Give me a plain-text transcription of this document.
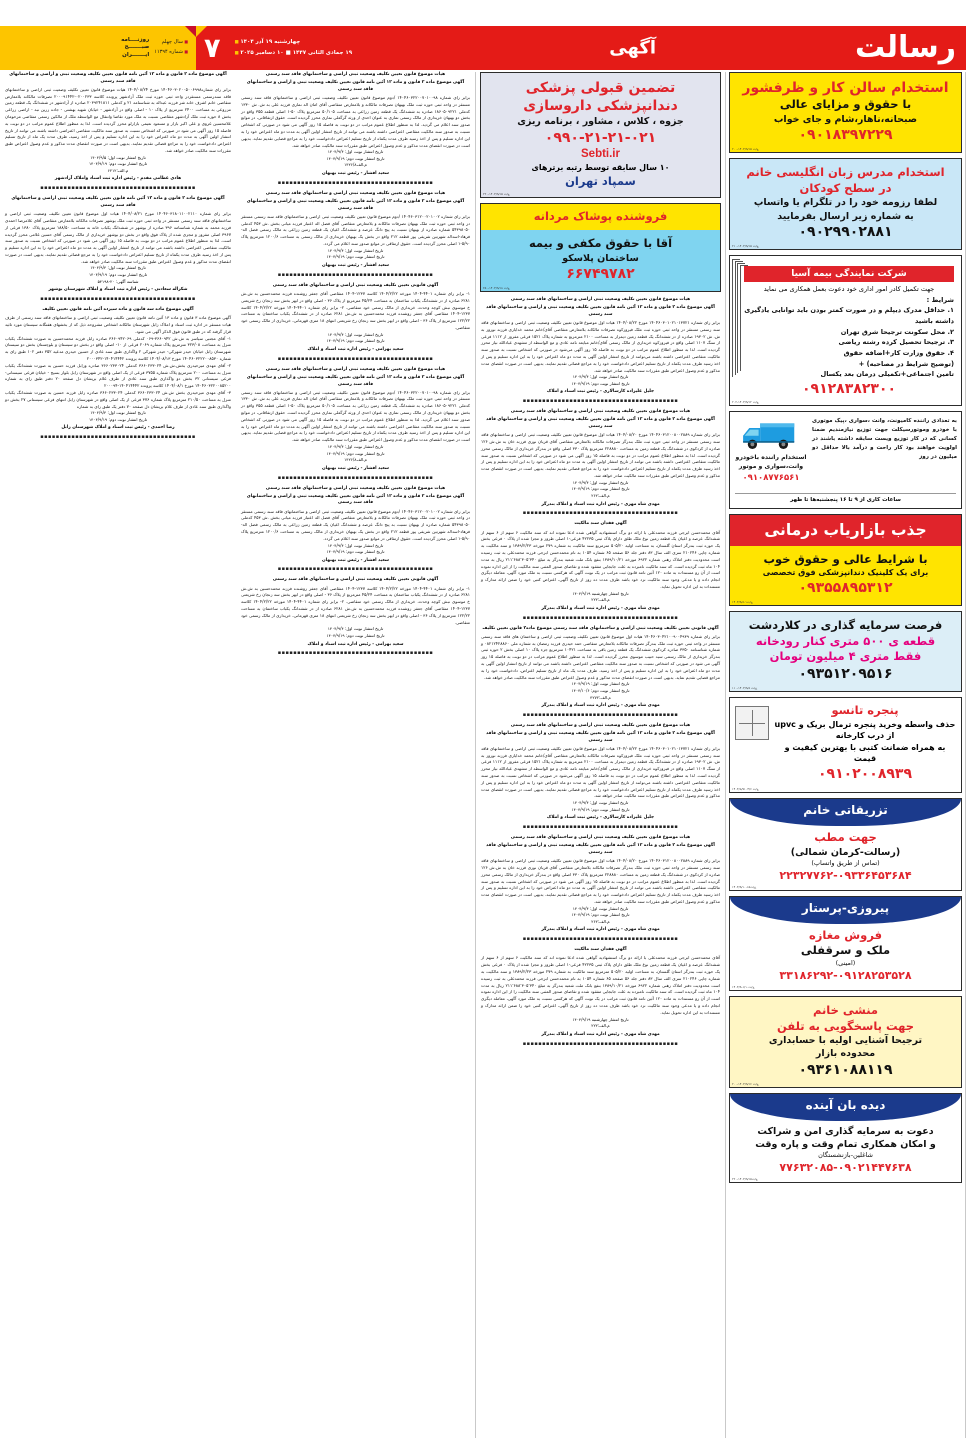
روزنــــامه
صبـــــــح
ایـــــــران
■ سال چهلم
■ شماره ۱۱۳۹۴	رسالت
آگهی
۷	چهارشنبه ۱۹ آذر ۱۴۰۴ ■
۱۹ جمادی الثانی ۱۴۴۷ ■ ۱۰ دسامبر ۲۰۲۵ ■
آگهی موضوع ماده ۳ قانون و ماده ۱۳ آئین نامه قانون تعیین تکلیف وضعیت ثبتی و اراضی و ساختمانهای فاقد سند رسمی
برابر رای شماره۱۴۰۴۶۰۳۰۲۰۰۵۰۰۶۹۹۸ مورخ ۱۴۰۴/۰۸/۲۴ هیات موضوع قانون تعیین تکلیف وضعیت ثبتی اراضی و ساختمانهای فاقد سندرسمی مستقردر واحد ثبتی حوزه ثبت ملک آزادشهر پرونده کلاسه ۰۲۰۰۲۳۳-۲۰۰۰۹۱۴۴۲ تصرفات مالکانه بلامعارض متقاضی خانم اشرف خانه شر فرزند عبداله به شناسنامه ۲۱ و کدملی ۲۰۳۹۲۴۱۸۱۱ صادره از آزادشهر در ششدانگ یک قطعه زمین مزروعی به مساحت ۲۴۰۰ مترمربع از پلاک ۱۰ - اصلی واقع در آزادشهر - خیابان شهید بهشتی - جاده زرین نبه - اراضی زراعی بخش ۸ حوزه ثبت ملک آزادشهر متقاضی نسبت به ملک مورد تقاضا وانتقال مع الواسطه ملک از مالکین رسمی متقاضی مرحومان غلامحسین غروی و علی اکبر بازار و مسعود نعیمی بازارلو محرز گردیده است. لذا به منظور اطلاع عموم مراتب در دو نوبت به فاصله ۱۵ روز آگهی می شود در صورتی که اشخاص نسبت به صدور سند مالکیت متقاضی اعتراضی داشته باشند می توانند از تاریخ انتشار اولین آگهی به مدت دو ماه اعتراض خود را به این اداره تسلیم و پس از اخذ رسید، ظرف مدت یک ماه از تاریخ تسلیم اعتراض دادخواست خود را به مراجع قضائی تقدیم نمایند. بدیهی است در صورت انقضای مدت مذکور و عدم وصول اعتراض طبق مقررات سند مالکیت صادر خواهد شد.
تاریخ انتشار نوبت اول: ۱۴۰۴/۹/۵
تاریخ انتشار نوبت دوم: ۱۴۰۴/۹/۱۹
م.الف:۶۲۱۲
هادی عظامی مقدم - رئیس اداره ثبت اسناد واملاک آزادشهر
▪▪▪▪▪▪▪▪▪▪▪▪▪▪▪▪▪▪▪▪▪▪▪▪▪▪▪▪▪▪▪▪▪▪▪▪▪▪▪▪
آگهی موضوع ماده ۳ قانون و ماده ۱۳ آئین نامه قانون تعیین تکلیف وضعیت ثبتی اراضی و ساختمانهای فاقد سند رسمی
برابر رای شماره ۱۴۰۴۶۰۳۱۸۰۱۱۰۰۲۱۱۰ مورخ ۱۴۰۴/۰۸/۲۱ هیات اول موضوع قانون تعیین تکلیف وضعیت ثبتی اراضی و ساختمانهای فاقد سند رسمی مستقر در واحد ثبتی حوزه ثبت ملک بوشهر تصرفات مالکانه بلامعارض متقاضی آقای غلامرضا احمدی فرزند محمد به شماره شناسنامه ۳۹۶ صادره از بوشهر در ششدانگ یکباب خانه به مساحت ۱۸۸/۵۰ مترمربع پلاک ۱۳۸۰ فرعی از ۳۹۶۷ اصلی مفروز و مجزی شده از پلاک فوق واقع در بخش دو بوشهر خریداری از مالک رسمی آقای حسین غلامی محرز گردیده است. لذا به منظور اطلاع عموم مراتب در دو نوبت به فاصله ۱۵ روز آگهی می شود در صورتی که اشخاص نسبت به صدور سند مالکیت متقاضی اعتراضی داشته باشند می توانند از تاریخ انتشار اولین آگهی به مدت دو ماه اعتراض خود را به این اداره تسلیم و پس از اخذ رسید ظرف مدت یکماه از تاریخ تسلیم اعتراض دادخواست خود را به مرجع قضائی تقدیم نمایند. بدیهی است در صورت انقضای مدت مذکور و عدم وصول اعتراض طبق مقررات سند مالکیت صادر خواهد شد.
تاریخ انتشار نوبت اول: ۱۴۰۴/۹/۴
تاریخ انتشار نوبت دوم: ۱۴۰۴/۹/۱۹
شناسه آگهی: ۲۰-۵۴۱۹۸
شکراله سعادتی - رئیس اداره ثبت اسناد و املاک شهرستان بوشهر
▪▪▪▪▪▪▪▪▪▪▪▪▪▪▪▪▪▪▪▪▪▪▪▪▪▪▪▪▪▪▪▪▪▪▪▪▪▪▪▪
آگهی موضوع ماده سه قانون و ماده سیزده آئین نامه قانون تعیین تکلیف
آگهی موضوع ماده ۳ قانون و ماده ۱۳ آئین نامه قانون تعیین تکلیف وضعیت ثبتی اراضی و ساختمانهای فاقد سند رسمی از طرف هیات مستقر در اداره ثبت اسناد و املاک زابل شهرستان مالکانه اشخاص مشروحه ذیل که از بخشهای هفتگانه سیستان مورد تائید قرار گرفته که در طبق قانون فوق الذکر آگهی می شود.
۱- آقای مجتبی سیاسر به ش.ش ۳۶۶۰۹۴۲-۰۶۹ کدملی ۳۶۶۰۹۴۲۰۶۹ صادره زابل فرزند محمدحسین به صورت ششدانگ یکباب منزل به مساحت ۳۲۳/۰۸ مترمربع پلاک شماره ۲۰۶۹ فرعی از ۱۰- اصلی واقع در بخش دو سیستان و بلوچستان بخش دو سیستان شهرستان زابل خیابان حیدر شهرکی- حیدر شهرکی ۲ واگذاری طبق سند عادی از حسین حیدری مدعیه ۳۵۲ دفتر ۱۰۲ طبق رای به شماره ۱۴۰۴۶۰۳۲۲۲۰۰۸۵۳۰ مورخ ۱۴۰۴/۰۸/۱۳ کلاسه پرونده ۱۴۰۴۱۴۴۴۲-۲۰۰۰۳۴۲
۲- آقای مهدی میرحیدری بخش.ش.ش ۳۶۶۰۲۳۳۰۲۴ کدملی ۳۶۶۰۲۳۳۰۲۴ صادره وزابل فرزند حسین به صورت ششدانگ یکباب منزل به مساحت ۲۰۰ مترمربع پلاک شماره ۳۷۵۵ فرعی از یک اصلی واقع در شهرستان زابل بلوار بسیج - خیابان فرعی سیستانی- فرعی سیستانی ۳۲ بخش دو واگذاری طبق سند عادی از طرف غلام بریشان دل صفحه ۲۰ دفتر طبق رای به شماره ۱۴۰۴۶۰۳۲۲۰۰۸۵۲۰۰ مورخ ۱۴۰۴/۰۸/۱ کلاسه پرونده ۱۴۰۴۱۴۴۴۲-۲۰۰۰۹۴
۳- آقای مهدی میرحیدری بخش ش.ش ۳۶۶۰۲۳۳۰۲۴ کدملی ۳۶۶۰۲۳۳۰۲۴ صادره زابل فرزند حسین به صورت ششدانگ یکباب منزل به مساحت ۲۱۰/۵۰ مترمربع پلاک شماره ۳۷۶ فرعی از یک اصلی واقع در شهرستان زابل انتهای فرعی سیستانی ۲۷ بخش دو واگذاری طبق سند عادی از طرف غلام بریشان دل صفحه ۷۰ دفتر یک طبق رای به شماره
تاریخ انتشار نوبت اول: ۱۴۰۴/۹/۴
تاریخ انتشار نوبت دوم: ۱۴۰۴/۹/۱۹
رضا احمدی - رئیس ثبت اسناد و املاک شهرستان زابل
▪▪▪▪▪▪▪▪▪▪▪▪▪▪▪▪▪▪▪▪▪▪▪▪▪▪▪▪▪▪▪▪▪▪▪▪▪▪▪▪
هیات موضوع قانون تعیین تکلیف وضعیت ثبتی اراضی و ساختمانهای فاقد سند رسمی
آگهی موضوع ماده ۳ قانون و ماده ۱۳ آئین نامه قانون تعیین تکلیف وضعیت ثبتی و اراضی و ساختمانهای فاقد سند رسمی
برابر رای شماره ۱۴۰۴۶۰۳۲۲۰۰۷۰۱۰۰۹۸ /دوم موضوع قانون تعیین تکلیف وضعیت ثبتی اراضی و ساختمانهای فاقد سند رسمی مستقر در واحد ثبتی حوزه ثبت ملک بهبهان تصرفات مالکانه و بلامعارض متقاضی آقای امان اله نماری فرزند علی به ش. ش ۱۳۳۰ کدملی ۱۸۶۰۵۰۹۲۲۱ صادره به ششدانگ یک قطعه زمین زراعی به مساحت ۵۰/۱۰۵ مترمربع پلاک ۵۰-۱ اصلی قطعه ۳۵۵ واقع در بخش دو بهبهان خریداری از مالک رسمی نماری به عنوان احدی از ورثه گرگعلی نماری محرز گردیده است. حقوق ارتفاقاتی، در موانع صدور سند اعلام می گردید. لذا به منظور اطلاع عموم مراتب در دو نوبت به فاصله ۱۵ روز آگهی می شود در صورتی که اشخاص نسبت به صدور سند مالکیت متقاضی اعتراضی داشته باشند می توانند از تاریخ انتشار اولین آگهی به مدت دو ماه اعتراض خود را به این اداره تسلیم و پس از اخذ رسید ظرف مدت یکماه از تاریخ تسلیم اعتراض دادخواست خود را به مراجع قضایی تقدیم نماید. بدیهی است در صورت انقضای مدت مذکور و عدم وصول اعتراض طبق مقررات سند مالکیت صادر خواهد شد.
تاریخ انتشار نوبت اول: ۱۴۰۴/۹/۴
تاریخ انتشار نوبت دوم: ۱۴۰۴/۹/۱۹
م.الف۱۴۲۶/۸
سعید افشار - رئیس ثبت بهبهان
▪▪▪▪▪▪▪▪▪▪▪▪▪▪▪▪▪▪▪▪▪▪▪▪▪▪▪▪▪▪▪▪▪▪▪▪▪▪▪▪
هیات موضوع قانون تعیین تکلیف وضعیت ثبتی اراضی و ساختمانهای فاقد سند رسمی
آگهی موضوع ماده ۳ قانون و ماده ۱۳ آئین نامه قانون تعیین تکلیف وضعیت ثبتی و اراضی و ساختمانهای فاقد سند رسمی
برابر رای شماره ۱۴۰۴۶۰۳۱۲۰۰۲۰۱۰۰۲ /دوم موضوع قانون تعیین تکلیف وضعیت ثبتی اراضی و ساختمانهای فاقد سند رسمی مستقر در واحد ثبتی حوزه ثبت ملک بهبهان تصرفات مالکانه و بلامعارض متقاضی آقای فضل اله اعتبار فرزند میانی بخش .ش ۴۵۳ کدملی ۵۴۳۹۸۰۵۰ شماره صادره از بهبهان نسبت به پنج دانگ عرصه و ششدانگ اعیان یک قطعه زمین زراعی به مالک رسمی فضل اله- فرهاد-اسداله شهرتین شریفی پور قطعه ۲۱۲ واقع در بخش یک بهبهان خریداری از مالک رسمی به مساحت ۱۲۰۰/۶ مترمربع پلاک ۵/۹۰-۱ اصلی محرز گردیده است. حقوق ارتفاقی در موانع صدور سند اعلام می گردد.
تاریخ انتشار نوبت اول: ۱۴۰۴/۹/۴
تاریخ انتشار نوبت دوم: ۱۴۰۴/۹/۱۹
سعید افشار - رئیس ثبت بهبهان
▪▪▪▪▪▪▪▪▪▪▪▪▪▪▪▪▪▪▪▪▪▪▪▪▪▪▪▪▪▪▪▪▪▪▪▪▪▪▪▪
آگهی قانونی تعیین تکلیف وضعیت ثبتی اراضی و ساختمانهای فاقد سند رسمی
۱- برابر رای شماره ۴۴۰۱-۱۴۰۴ مورخه ۱۴۰۴/۲/۲۲ کلاسه ۱۲۳۷-۱۴۰۴ متقاضی آقای جعفر روشنده فرزند محمدحسین به ش.ش ۶۲۸۱ صادره از در ششدانگ یکباب ساختمان به مساحت ۴۵/۲۴ مترمربع از پلاک ۳۶ - اصلی واقع در ابهر بخش سه زنجان رخ شریعتی خ موسوی نبش کوچه وحدت، خریداری از مالک رسمی خود متقاضی. ۲- برابر رای شماره ۴۴۰۱-۱۴۰۴ مورخه ۱۴۰۴/۲/۲۲ کلاسه ۱۲۳۷-۱۴۰۴ متقاضی آقای جعفر روشنده فرزند محمدحسین به ش.ش ۶۲۸۱ صادره از در ششدانگ یکباب ساختمان به مساحت ۱۲۲/۲۲ مترمربع از پلاک ۳۶ - اصلی واقع در ابهر بخش سه زنجان رخ شریعتی انتهای ۱۸ متری قهرمانی، خریداری از مالک رسمی خود متقاضی.
تاریخ انتشار نوبت اول: ۱۴۰۴/۹/۴
تاریخ انتشار نوبت دوم: ۱۴۰۴/۹/۱۹
سعید بهرامی - رئیس اداره ثبت اسناد و املاک
▪▪▪▪▪▪▪▪▪▪▪▪▪▪▪▪▪▪▪▪▪▪▪▪▪▪▪▪▪▪▪▪▪▪▪▪▪▪▪▪
هیات موضوع قانون تعیین تکلیف وضعیت ثبتی اراضی و ساختمانهای فاقد سند رسمی
آگهی موضوع ماده ۳ قانون و ماده ۱۳ آئین نامه قانون تعیین تکلیف وضعیت ثبتی و اراضی و ساختمانهای فاقد سند رسمی
برابر رای شماره ۱۴۰۴۶۰۳۲۲۰۰۷۰۱۰۰۹۸ /دوم موضوع قانون تعیین تکلیف وضعیت ثبتی اراضی و ساختمانهای فاقد سند رسمی مستقر در واحد ثبتی حوزه ثبت ملک بهبهان تصرفات مالکانه و بلامعارض متقاضی آقای امان اله نماری فرزند علی به ش. ش ۱۳۳۰ کدملی ۱۸۶۰۵۰۹۲۲۱ صادره به ششدانگ یک قطعه زمین زراعی به مساحت ۵۰/۱۰۵ مترمربع پلاک ۵۰-۱ اصلی قطعه ۳۵۵ واقع در بخش دو بهبهان خریداری از مالک رسمی نماری به عنوان احدی از ورثه گرگعلی نماری محرز گردیده است. حقوق ارتفاقاتی، در موانع صدور سند اعلام می گردید. لذا به منظور اطلاع عموم مراتب در دو نوبت به فاصله ۱۵ روز آگهی می شود در صورتی که اشخاص نسبت به صدور سند مالکیت متقاضی اعتراضی داشته باشند می توانند از تاریخ انتشار اولین آگهی به مدت دو ماه اعتراض خود را به این اداره تسلیم و پس از اخذ رسید ظرف مدت یکماه از تاریخ تسلیم اعتراض دادخواست خود را به مراجع قضایی تقدیم نماید. بدیهی است در صورت انقضای مدت مذکور و عدم وصول اعتراض طبق مقررات سند مالکیت صادر خواهد شد.
تاریخ انتشار نوبت اول: ۱۴۰۴/۹/۴
تاریخ انتشار نوبت دوم: ۱۴۰۴/۹/۱۹
م.الف۱۴۲۶/۸
سعید افشار - رئیس ثبت بهبهان
▪▪▪▪▪▪▪▪▪▪▪▪▪▪▪▪▪▪▪▪▪▪▪▪▪▪▪▪▪▪▪▪▪▪▪▪▪▪▪▪
هیات موضوع قانون تعیین تکلیف وضعیت ثبتی اراضی و ساختمانهای فاقد سند رسمی
آگهی موضوع ماده ۳ قانون و ماده ۱۳ آئین نامه قانون تعیین تکلیف وضعیت ثبتی و اراضی و ساختمانهای فاقد سند رسمی
برابر رای شماره ۱۴۰۴۶۰۳۱۲۰۰۲۰۱۰۰۲ /دوم موضوع قانون تعیین تکلیف وضعیت ثبتی اراضی و ساختمانهای فاقد سند رسمی مستقر در واحد ثبتی حوزه ثبت ملک بهبهان تصرفات مالکانه و بلامعارض متقاضی آقای فضل اله اعتبار فرزند میانی بخش .ش ۴۵۳ کدملی ۵۴۳۹۸۰۵۰ شماره صادره از بهبهان نسبت به پنج دانگ عرصه و ششدانگ اعیان یک قطعه زمین زراعی به مالک رسمی فضل اله- فرهاد-اسداله شهرتین شریفی پور قطعه ۲۱۲ واقع در بخش یک بهبهان خریداری از مالک رسمی به مساحت ۱۲۰۰/۶ مترمربع پلاک ۵/۹۰-۱ اصلی محرز گردیده است. حقوق ارتفاقی در موانع صدور سند اعلام می گردد.
تاریخ انتشار نوبت اول: ۱۴۰۴/۹/۴
تاریخ انتشار نوبت دوم: ۱۴۰۴/۹/۱۹
سعید افشار - رئیس ثبت بهبهان
▪▪▪▪▪▪▪▪▪▪▪▪▪▪▪▪▪▪▪▪▪▪▪▪▪▪▪▪▪▪▪▪▪▪▪▪▪▪▪▪
آگهی قانونی تعیین تکلیف وضعیت ثبتی اراضی و ساختمانهای فاقد سند رسمی
۱- برابر رای شماره ۴۴۰۱-۱۴۰۴ مورخه ۱۴۰۴/۲/۲۲ کلاسه ۱۲۳۷-۱۴۰۴ متقاضی آقای جعفر روشنده فرزند محمدحسین به ش.ش ۶۲۸۱ صادره از در ششدانگ یکباب ساختمان به مساحت ۴۵/۲۴ مترمربع از پلاک ۳۶ - اصلی واقع در ابهر بخش سه زنجان رخ شریعتی خ موسوی نبش کوچه وحدت، خریداری از مالک رسمی خود متقاضی. ۲- برابر رای شماره ۴۴۰۱-۱۴۰۴ مورخه ۱۴۰۴/۲/۲۲ کلاسه ۱۲۳۷-۱۴۰۴ متقاضی آقای جعفر روشنده فرزند محمدحسین به ش.ش ۶۲۸۱ صادره از در ششدانگ یکباب ساختمان به مساحت ۱۲۲/۲۲ مترمربع از پلاک ۳۶ - اصلی واقع در ابهر بخش سه زنجان رخ شریعتی انتهای ۱۸ متری قهرمانی، خریداری از مالک رسمی خود متقاضی.
تاریخ انتشار نوبت اول: ۱۴۰۴/۹/۴
تاریخ انتشار نوبت دوم: ۱۴۰۴/۹/۱۹
سعید بهرامی - رئیس اداره ثبت اسناد و املاک
▪▪▪▪▪▪▪▪▪▪▪▪▪▪▪▪▪▪▪▪▪▪▪▪▪▪▪▪▪▪▪▪▪▪▪▪▪▪▪▪
تضمین قبولی پزشکی
دندانپزشکی داروسازی
جزوه ، کلاس ، مشاور ، برنامه ریزی
۰۹۹۰-۲۱-۲۱-۰۲۱
Sebti.ir
۱۰ سال سابقه توسط رتبه برترهای
سمپاد تهران
خ/ت ۱۴۰۴/۹/۱۵-۲۲۰
فروشنده پوشاک مردانه
آقا با حقوق مکفی و بیمه
ساختمان پلاسکو
۶۶۷۴۹۷۸۲
خ/ت ۱۴۰۴/۹/۱۸-۲۵۰
هیات موضوع قانون تعیین تکلیف وضعیت ثبتی اراضی و ساختمانهای فاقد سند رسمی
آگهی موضوع ماده ۳ قانون و ماده ۱۳ آئین نامه قانون تعیین تکلیف وضعیت ثبتی و اراضی و ساختمانهای فاقد سند رسمی
برابر رای شماره ۱۴۰۴۶۰۳۰۱۰۲۱۰۱۳۷۲۱ مورخ ۱۴۰۴/۰۸/۲۲ هیات اول موضوع قانون تعیین تکلیف وضعیت ثبتی اراضی و ساختمانهای فاقد سند رسمی مستقر در واحد ثبتی حوزه ثبت ملک فیروزکوه تصرفات مالکانه بلامعارض متقاضی آقای/خانم محمد خدایاری فرزند نوروز به ش. ش ۱۹۳۰۲ صادره از در ششدانگ یک قطعه زمین دیمزار به مساحت ۲۱۰۰ مترمربع به شماره پلاک ۱۵۲۱ فرعی مفروز از ۱۱۱۲ فرعی از سنگ ۱۱۰۷ اصلی واقع در فیروزکوه خریداری از مالک رسمی آقای/خانم مبایعه نامه عادی و مع الواسطه از مشهدی عبادالله نیار محرز گردیده است. لذا به منظور اطلاع عموم مراتب در دو نوبت به فاصله ۱۵ روز آگهی می‌شود در صورتی که اشخاص نسبت به صدور سند مالکیت متقاضی اعتراضی داشته باشند می‌توانند از تاریخ انتشار اولین آگهی به مدت دو ماه اعتراض خود را به این اداره تسلیم و پس از اخذ رسید ظرف مدت یکماه از تاریخ تسلیم اعتراض دادخواست خود را به مراجع قضائی تقدیم نمایند. بدیهی است در صورت انقضای مدت مذکور و عدم وصول اعتراض طبق مقررات سند مالکیت صادر خواهد شد.
تاریخ انتشار نوبت اول: ۱۴۰۴/۹/۴
تاریخ انتشار نوبت دوم: ۱۴۰۴/۹/۱۹
جلیل علیزاده کارسالاری - رئیس ثبت اسناد و املاک
▪▪▪▪▪▪▪▪▪▪▪▪▪▪▪▪▪▪▪▪▪▪▪▪▪▪▪▪▪▪▪▪▪▪▪▪▪▪▪▪
هیات موضوع قانون تعیین تکلیف وضعیت ثبتی اراضی و ساختمانهای فاقد سند رسمی
آگهی موضوع ماده ۳ قانون و ماده ۱۳ آئین نامه قانون تعیین تکلیف وضعیت ثبتی و اراضی و ساختمانهای فاقد سند رسمی
برابر رای شماره ۱۴۰۴۶۰۳۱۲۰۰۸۰۰۲۸۸۹ مورخ ۱۴۰۴/۰۸/۲۰ هیات اول موضوع قانون تعیین تکلیف وضعیت ثبتی اراضی و ساختمانهای فاقد سند رسمی مستقر در واحد ثبتی حوزه ثبت ملک بندرگز تصرفات مالکانه بلامعارض متقاضی آقای قربان نوری فرزند خان به ش.ش ۱۲۶ صادره از کردکوی در ششدانگ یک قطعه زمین به مساحت ۲۲۸۸۸۰ مترمربع پلاک ۳۳۰ اصلی واقع در بندرگز خریداری از مالک رسمی محرز گردیده است. لذا به منظور اطلاع عموم مراتب در دو نوبت به فاصله ۱۵ روز آگهی می شود در صورتی که اشخاص نسبت به صدور سند مالکیت متقاضی اعتراضی داشته باشند می توانند از تاریخ انتشار اولین آگهی به مدت دو ماه اعتراض خود را به این اداره تسلیم و پس از اخذ رسید ظرف مدت یکماه از تاریخ تسلیم اعتراض دادخواست خود را به مراجع قضائی تقدیم نمایند. بدیهی است در صورت انقضای مدت مذکور و عدم وصول اعتراض طبق مقررات سند مالکیت صادر خواهد شد.
تاریخ انتشار نوبت اول: ۱۴۰۴/۹/۴
تاریخ انتشار نوبت دوم: ۱۴۰۴/۹/۱۹
م.الف:۲۶۲
مهدی شاه مهری - رئیس اداره ثبت اسناد و املاک بندرگز
▪▪▪▪▪▪▪▪▪▪▪▪▪▪▪▪▪▪▪▪▪▪▪▪▪▪▪▪▪▪▪▪▪▪▪▪▪▪▪▪
آگهی فقدان سند مالکیت
آقای محمدحسن ابرجی فرزند محمدعلی با ارائه دو برگ استشهادیه گواهی شده ادعا نموده اند که سند مالکیت ۶ سهم از ۶ سهم از ششدانگ عرصه و اعیان یک قطعه زمین نوع ملک طلق دارای پلاک ثبتی ۴۲۲۳۵ فرعی-۱ اصلی طروز و مجزا شده از پلاک ۰ فرعی بخش یک حوزه ثبت بندرگز استان گلستان، به مساحت اولیه ۵۰۵/۲۰ مترمربع سند مالکیت به شماره ۲۷۹ مورخه ۱۳۸۹/۲/۲۳ و سند مالکیت به شماره چاپی ۲۱۰۲۴۶ سری الف سال ۸۳ دفتر جلد ۵۶ صفحه ۶۵ شماره ۱۰۵۴ به نام محمدحسن ابرجی فرزند محمدعلی به ثبت رسیده است محدودیت دفتر املاک رهنی شماره ۶۹۲۲ مورخه ۱۳۸۹/۱۰/۲۱ بنفع بانک ملت شعبه بندرگز به مبلغ ۲۱۱٬۶۸۸٬۳۰۵٬۳۴۰ ریال به مدت ۱۰۴ ماه ثبت گردیده است. که سند مالکیت نامبرده به علت جابجایی مفقود شده و تقاضای صدور المثنی سند مالکیت را از این اداره نموده است از آن رو مستندات به ماده ۱۲۰ آئین نامه قانون ثبت مراتب در یک نوبت آگهی که هرکسی نسبت به ملک مورد آگهی، معامله دیگری انجام داده و یا مدعی وجود سند مالکیت نزد خود باشد ظرف مدت ده روز از تاریخ آگهی، اعتراض کتبی خود را ضمن ارائه مدارک و مستندات به این اداره تحویل نماید.
تاریخ انتشار چهارشنبه ۱۴۰۴/۹/۱۹
م.الف:۲۲۲
مهدی شاه مهری - رئیس اداره ثبت اسناد و املاک بندرگز
▪▪▪▪▪▪▪▪▪▪▪▪▪▪▪▪▪▪▪▪▪▪▪▪▪▪▪▪▪▪▪▪▪▪▪▪▪▪▪▪
آگهی قانونی تعیین تکلیف وضعیت ثبتی اراضی و ساختمانهای فاقد سند رسمی موضوع ماده۳ قانون تعیین تکلیف
برابر رای شماره ۱۴۰۴۶۰۳۰۴۲۱۰۰۹۰۰۴۹۳۹ هیات اول موضوع قانون تعیین تکلیف وضعیت ثبتی اراضی و ساختمان های فاقد سند رسمی مستقر در واحد ثبتی حوزه ثبت ملک بندرگز تصرفات مالکانه بلامعارض متقاضی حمد حیدری فرزند رمضان به شماره ملی ۰۸۲۱۲۴۲۸۸۶۰ و شماره شناسنامه ۳۳۵۰ صادره کردکوی ششدانگ یک قطعه زمین باقی به مساحت ۱۰۴۲۱ مترمربع جزء پلاک ۱۰ اصلی بخش ۲ حوزه ثبتی بندرگز خریداری از مالک رسمی سید حبیب موسوی محرز گردیده است. لذا به منظور اطلاع عموم مراتب در دو نوبت به فاصله ۱۵ روز آگهی می شود در صورتی که اشخاص نسبت به صدور سند مالکیت متقاضی اعتراضی داشته باشند می توانند از تاریخ انتشار اولین آگهی به مدت دو ماه اعتراض خود را به این اداره تسلیم و پس از اخذ رسید. ظرف مدت یک ماه از تاریخ تسلیم اعتراض، دادخواست خود را به مراجع قضایی تقدیم نماید. بدیهی است در صورت انقضای مدت مذکور و عدم وصول اعتراض طبق مقررات سند مالکیت صادر خواهد شد.
تاریخ انتشار نوبت اول: ۱۴۰۴/۹/۱۹
تاریخ انتشار نوبت دوم: ۱۴۰۴/۱۰/۶
م.الف:۴۲۷۲
مهدی شاه مهری - رئیس اداره ثبت اسناد و املاک بندرگز
▪▪▪▪▪▪▪▪▪▪▪▪▪▪▪▪▪▪▪▪▪▪▪▪▪▪▪▪▪▪▪▪▪▪▪▪▪▪▪▪
هیات موضوع قانون تعیین تکلیف وضعیت ثبتی اراضی و ساختمانهای فاقد سند رسمی
آگهی موضوع ماده ۳ قانون و ماده ۱۳ آئین نامه قانون تعیین تکلیف وضعیت ثبتی و اراضی و ساختمانهای فاقد سند رسمی
برابر رای شماره ۱۴۰۴۶۰۳۰۱۰۲۱۰۱۳۷۲۱ مورخ ۱۴۰۴/۰۸/۲۲ هیات اول موضوع قانون تعیین تکلیف وضعیت ثبتی اراضی و ساختمانهای فاقد سند رسمی مستقر در واحد ثبتی حوزه ثبت ملک فیروزکوه تصرفات مالکانه بلامعارض متقاضی آقای/خانم محمد خدایاری فرزند نوروز به ش. ش ۱۹۳۰۲ صادره از در ششدانگ یک قطعه زمین دیمزار به مساحت ۲۱۰۰ مترمربع به شماره پلاک ۱۵۲۱ فرعی مفروز از ۱۱۱۲ فرعی از سنگ ۱۱۰۷ اصلی واقع در فیروزکوه خریداری از مالک رسمی آقای/خانم مبایعه نامه عادی و مع الواسطه از مشهدی عبادالله نیار محرز گردیده است. لذا به منظور اطلاع عموم مراتب در دو نوبت به فاصله ۱۵ روز آگهی می‌شود در صورتی که اشخاص نسبت به صدور سند مالکیت متقاضی اعتراضی داشته باشند می‌توانند از تاریخ انتشار اولین آگهی به مدت دو ماه اعتراض خود را به این اداره تسلیم و پس از اخذ رسید ظرف مدت یکماه از تاریخ تسلیم اعتراض دادخواست خود را به مراجع قضائی تقدیم نمایند. بدیهی است در صورت انقضای مدت مذکور و عدم وصول اعتراض طبق مقررات سند مالکیت صادر خواهد شد.
تاریخ انتشار نوبت اول: ۱۴۰۴/۹/۴
تاریخ انتشار نوبت دوم: ۱۴۰۴/۹/۱۹
جلیل علیزاده کارسالاری - رئیس ثبت اسناد و املاک
▪▪▪▪▪▪▪▪▪▪▪▪▪▪▪▪▪▪▪▪▪▪▪▪▪▪▪▪▪▪▪▪▪▪▪▪▪▪▪▪
هیات موضوع قانون تعیین تکلیف وضعیت ثبتی اراضی و ساختمانهای فاقد سند رسمی
آگهی موضوع ماده ۳ قانون و ماده ۱۳ آئین نامه قانون تعیین تکلیف وضعیت ثبتی و اراضی و ساختمانهای فاقد سند رسمی
برابر رای شماره ۱۴۰۴۶۰۳۱۲۰۰۸۰۰۲۸۸۹ مورخ ۱۴۰۴/۰۸/۲۰ هیات اول موضوع قانون تعیین تکلیف وضعیت ثبتی اراضی و ساختمانهای فاقد سند رسمی مستقر در واحد ثبتی حوزه ثبت ملک بندرگز تصرفات مالکانه بلامعارض متقاضی آقای قربان نوری فرزند خان به ش.ش ۱۲۶ صادره از کردکوی در ششدانگ یک قطعه زمین به مساحت ۲۲۸۸۸۰ مترمربع پلاک ۳۳۰ اصلی واقع در بندرگز خریداری از مالک رسمی محرز گردیده است. لذا به منظور اطلاع عموم مراتب در دو نوبت به فاصله ۱۵ روز آگهی می شود در صورتی که اشخاص نسبت به صدور سند مالکیت متقاضی اعتراضی داشته باشند می توانند از تاریخ انتشار اولین آگهی به مدت دو ماه اعتراض خود را به این اداره تسلیم و پس از اخذ رسید ظرف مدت یکماه از تاریخ تسلیم اعتراض دادخواست خود را به مراجع قضائی تقدیم نمایند. بدیهی است در صورت انقضای مدت مذکور و عدم وصول اعتراض طبق مقررات سند مالکیت صادر خواهد شد.
تاریخ انتشار نوبت اول: ۱۴۰۴/۹/۴
تاریخ انتشار نوبت دوم: ۱۴۰۴/۹/۱۹
م.الف:۲۶۲
مهدی شاه مهری - رئیس اداره ثبت اسناد و املاک بندرگز
▪▪▪▪▪▪▪▪▪▪▪▪▪▪▪▪▪▪▪▪▪▪▪▪▪▪▪▪▪▪▪▪▪▪▪▪▪▪▪▪
آگهی فقدان سند مالکیت
آقای محمدحسن ابرجی فرزند محمدعلی با ارائه دو برگ استشهادیه گواهی شده ادعا نموده اند که سند مالکیت ۶ سهم از ۶ سهم از ششدانگ عرصه و اعیان یک قطعه زمین نوع ملک طلق دارای پلاک ثبتی ۴۲۲۳۵ فرعی-۱ اصلی طروز و مجزا شده از پلاک ۰ فرعی بخش یک حوزه ثبت بندرگز استان گلستان، به مساحت اولیه ۵۰۵/۲۰ مترمربع سند مالکیت به شماره ۲۷۹ مورخه ۱۳۸۹/۲/۲۳ و سند مالکیت به شماره چاپی ۲۱۰۲۴۶ سری الف سال ۸۳ دفتر جلد ۵۶ صفحه ۶۵ شماره ۱۰۵۴ به نام محمدحسن ابرجی فرزند محمدعلی به ثبت رسیده است محدودیت دفتر املاک رهنی شماره ۶۹۲۲ مورخه ۱۳۸۹/۱۰/۲۱ بنفع بانک ملت شعبه بندرگز به مبلغ ۲۱۱٬۶۸۸٬۳۰۵٬۳۴۰ ریال به مدت ۱۰۴ ماه ثبت گردیده است. که سند مالکیت نامبرده به علت جابجایی مفقود شده و تقاضای صدور المثنی سند مالکیت را از این اداره نموده است از آن رو مستندات به ماده ۱۲۰ آئین نامه قانون ثبت مراتب در یک نوبت آگهی که هرکسی نسبت به ملک مورد آگهی، معامله دیگری انجام داده و یا مدعی وجود سند مالکیت نزد خود باشد ظرف مدت ده روز از تاریخ آگهی، اعتراض کتبی خود را ضمن ارائه مدارک و مستندات به این اداره تحویل نماید.
تاریخ انتشار چهارشنبه ۱۴۰۴/۹/۱۹
م.الف:۲۲۲
مهدی شاه مهری - رئیس اداره ثبت اسناد و املاک بندرگز
▪▪▪▪▪▪▪▪▪▪▪▪▪▪▪▪▪▪▪▪▪▪▪▪▪▪▪▪▪▪▪▪▪▪▪▪▪▪▪▪
استخدام سالن کار و ظرفشور
با حقوق و مزایای عالی
صبحانه،ناهار،شام و جای خواب
۰۹۰۱۸۳۹۷۲۲۹
خ/ت ۱۴۰۴/۹/۱۵-۲۰۰
استخدام مدرس زبان انگلیسی خانم
در سطح کودکان
لطفا رزومه خود را در تلگرام یا واتساپ
به شماره زیر ارسال بفرمایید
۰۹۰۲۹۹۰۲۸۸۱
خ/ت ۱۴۰۴/۹/۱۵-۲۱۰
شرکت نمایندگی بیمه آسیا
جهت تکمیل کادر امور اداری خود دعوت بعمل همکاری می نماید
شرایط :
۱. حداقل مدرک دیپلم و در صورت کمتر بودن باید توانایی یادگیری داشته باشید
۲. محل سکونت ترجیحا شرق تهران
۳. ترجیحا تحصیل کرده رشته ریاضی
۴. حقوق وزارت کار+اضافه حقوق
(توضیح شرایط در مصاحبه) +
تامین اجتماعی+تکمیلی درمان بعد یکسال
۰۹۱۲۸۳۸۲۳۰۰
خ/ت ۱۴۰۴/۹/۱۲-۲۰۲
استخدام راننده باخودرو
وانت،سواری و موتور
۰۹۱۰۸۷۷۶۵۶۱
به تعدادی راننده کامیونت، وانت ،سواری ،پیک موتوری با خودرو وموتورسیکلت جهت توزیع نیازمندیم ضمنا کسانی که در کار توزیع ویست سابقه داشته باشند در اولویت خواهند بود کار راحت و درآمد بالا حداقل دو میلیون در روز
ساعات کاری از ۹ تا ۱۶ پنجشنبه‌ها تا ظهر
جذب بازاریاب درمانی
با شرایط عالی و حقوق خوب
برای یک کلینیک دندانپزشکی فوق تخصصی
۰۹۳۵۵۸۹۵۳۱۲
خ/ت۱-۱۴۰۴/۹/۸
فرصت سرمایه گذاری در کلاردشت
قطعه ی ۵۰۰ متری کنار رودخانه
فقط متری ۴ میلیون تومان
۰۹۳۵۱۲۰۹۵۱۶
خ/ت ۱۴۰۴/۹/۸-۱۱۰
پنجره تانسو
حذف واسطه وخرید پنجره ترمال بریک و upvc
از درب کارخانه
به همراه ضمانت کتبی با بهترین کیفیت و قیمت
۰۹۱۰۲۰۰۸۹۳۹
خ/ت ۱۴۰۴/۸/۹۱۰۴/۶
تزریقاتی خانم
جهت مطب
(رسالت-کرمان شمالی)
(تماس از طریق واتساپ)
۲۲۳۲۷۷۶۲-۰۹۳۳۶۴۵۳۶۸۴
خ/ت۱۵-۱۴۰۴/۹/۱۰
پیروزی-پرستار
فروش مغازه
ملک و سرقفلی
(امینی)
۳۳۱۸۶۲۹۲-۰۹۱۲۸۲۵۳۵۲۸
خ/ت۱/۱۰-۱۴۰۴/۹
منشی خانم
جهت پاسخگویی به تلفن
ترجیحا آشنایی اولیه با حسابداری
محدوده بازار
۰۹۳۶۱۰۸۸۱۱۹
خ/ت ۱۴۰۴/۹/۱۶-۲۰۰
دیده بان آینده
دعوت به سرمایه گذاری امن و شراکت
و امکان همکاری تمام وقت و پاره وقت
شاغلین-بازنشستگان
۷۷۶۳۲۰۸۵-۰۹۰۲۱۴۴۷۶۳۸
خ/ت۱۴۰۴/۹/۱۵-۲۲۰
